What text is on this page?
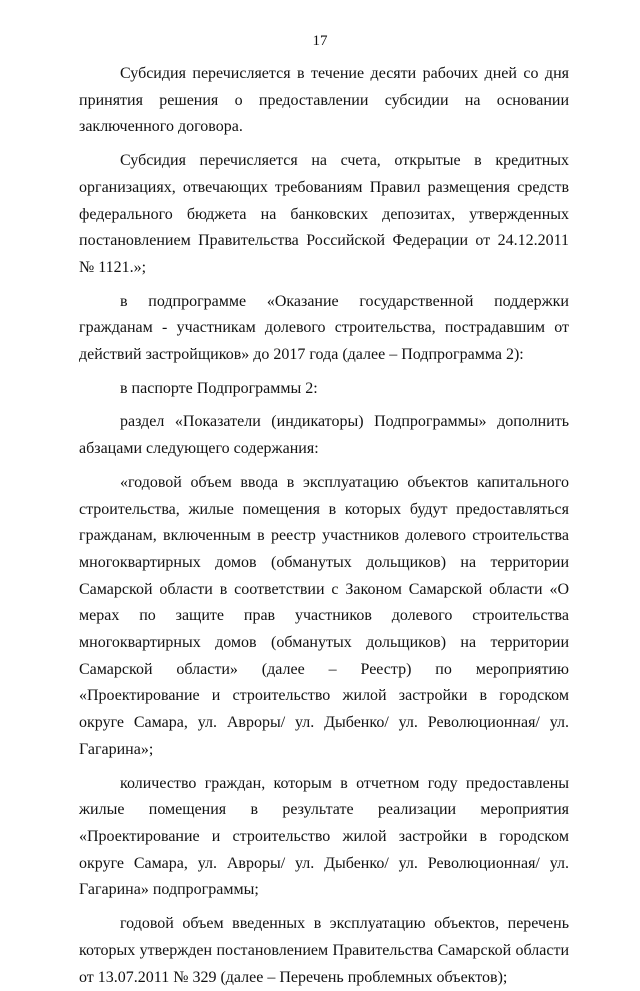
17

Субсидия перечисляется в течение десяти рабочих дней со дня принятия решения о предоставлении субсидии на основании заключенного договора.

Субсидия перечисляется на счета, открытые в кредитных организациях, отвечающих требованиям Правил размещения средств федерального бюджета на банковских депозитах, утвержденных постановлением Правительства Российской Федерации от 24.12.2011 № 1121.»;

в подпрограмме «Оказание государственной поддержки гражданам - участникам долевого строительства, пострадавшим от действий застройщиков» до 2017 года (далее – Подпрограмма 2):

в паспорте Подпрограммы 2:

раздел «Показатели (индикаторы) Подпрограммы» дополнить абзацами следующего содержания:

«годовой объем ввода в эксплуатацию объектов капитального строительства, жилые помещения в которых будут предоставляться гражданам, включенным в реестр участников долевого строительства многоквартирных домов (обманутых дольщиков) на территории Самарской области в соответствии с Законом Самарской области «О мерах по защите прав участников долевого строительства многоквартирных домов (обманутых дольщиков) на территории Самарской области» (далее – Реестр) по мероприятию «Проектирование и строительство жилой застройки в городском округе Самара, ул. Авроры/ ул. Дыбенко/ ул. Революционная/ ул. Гагарина»;

количество граждан, которым в отчетном году предоставлены жилые помещения в результате реализации мероприятия «Проектирование и строительство жилой застройки в городском округе Самара, ул. Авроры/ ул. Дыбенко/ ул. Революционная/ ул. Гагарина» подпрограммы;

годовой объем введенных в эксплуатацию объектов, перечень которых утвержден постановлением Правительства Самарской области от 13.07.2011 № 329 (далее – Перечень проблемных объектов);
